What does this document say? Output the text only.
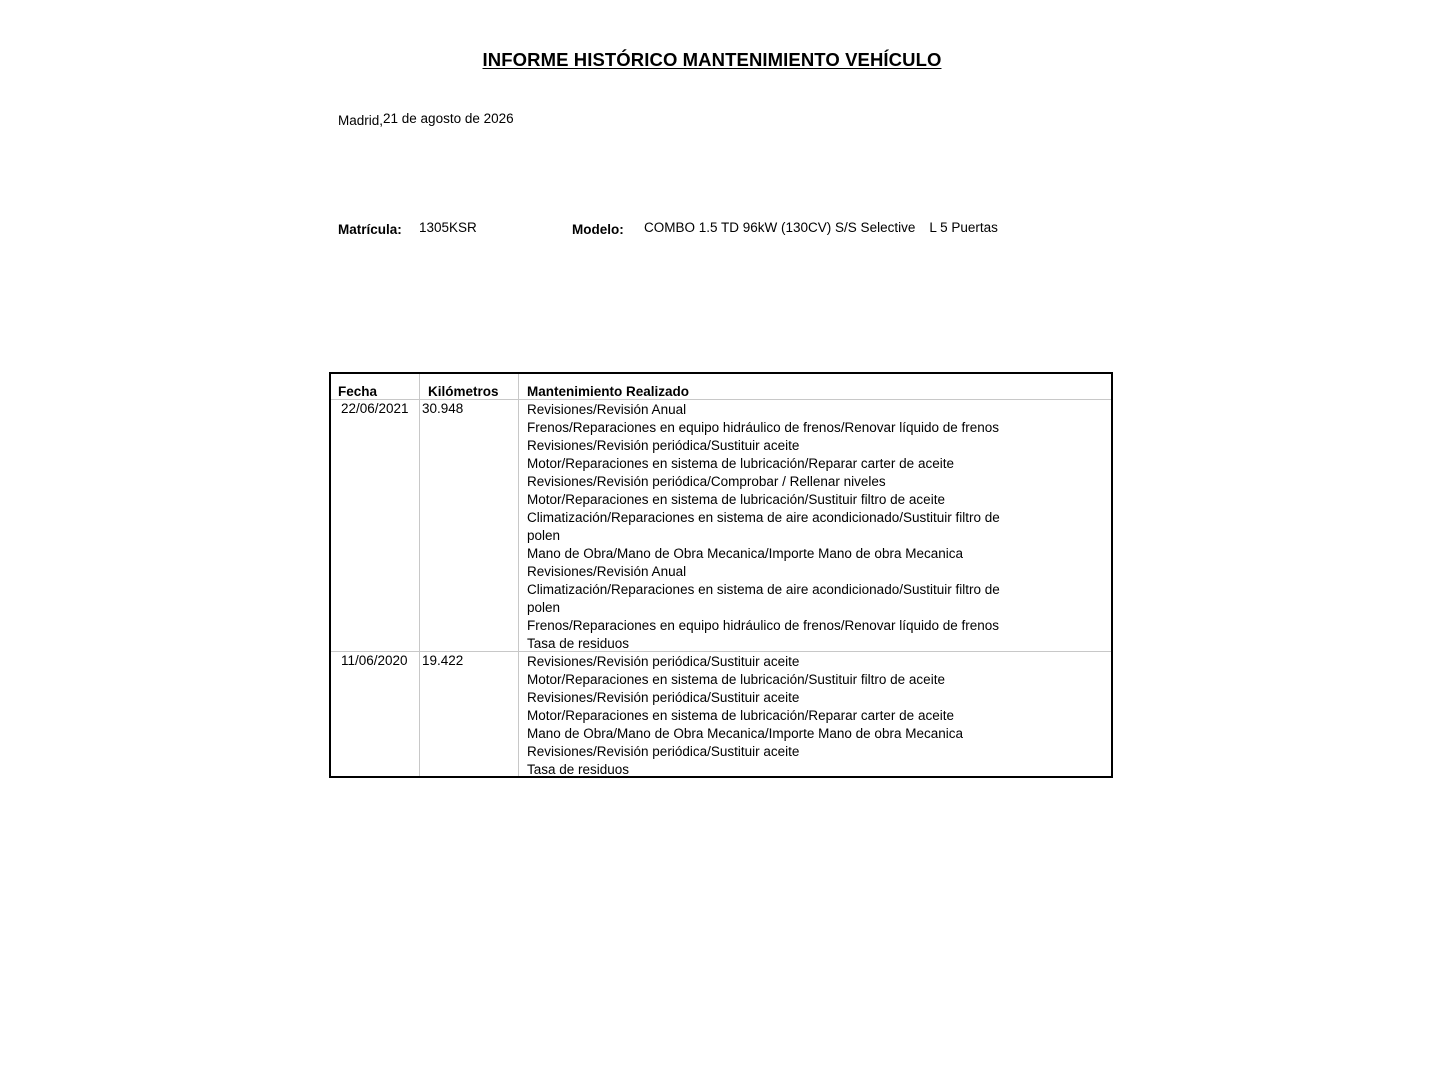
INFORME HISTÓRICO MANTENIMIENTO VEHÍCULO
Madrid,21 de agosto de 2026
Matrícula: 1305KSR	Modelo: COMBO 1.5 TD 96kW (130CV) S/S Selective L 5 Puertas
Fecha	Kilómetros Mantenimiento Realizado
22/06/2021 30.948	Revisiones/Revisión Anual
Frenos/Reparaciones en equipo hidráulico de frenos/Renovar líquido de frenos
Revisiones/Revisión periódica/Sustituir aceite
Motor/Reparaciones en sistema de lubricación/Reparar carter de aceite
Revisiones/Revisión periódica/Comprobar / Rellenar niveles
Motor/Reparaciones en sistema de lubricación/Sustituir filtro de aceite
Climatización/Reparaciones en sistema de aire acondicionado/Sustituir filtro de polen
Mano de Obra/Mano de Obra Mecanica/Importe Mano de obra Mecanica
Revisiones/Revisión Anual
Climatización/Reparaciones en sistema de aire acondicionado/Sustituir filtro de polen
Frenos/Reparaciones en equipo hidráulico de frenos/Renovar líquido de frenos
Tasa de residuos
11/06/2020 19.422	Revisiones/Revisión periódica/Sustituir aceite
Motor/Reparaciones en sistema de lubricación/Sustituir filtro de aceite
Revisiones/Revisión periódica/Sustituir aceite
Motor/Reparaciones en sistema de lubricación/Reparar carter de aceite
Mano de Obra/Mano de Obra Mecanica/Importe Mano de obra Mecanica
Revisiones/Revisión periódica/Sustituir aceite
Tasa de residuos
